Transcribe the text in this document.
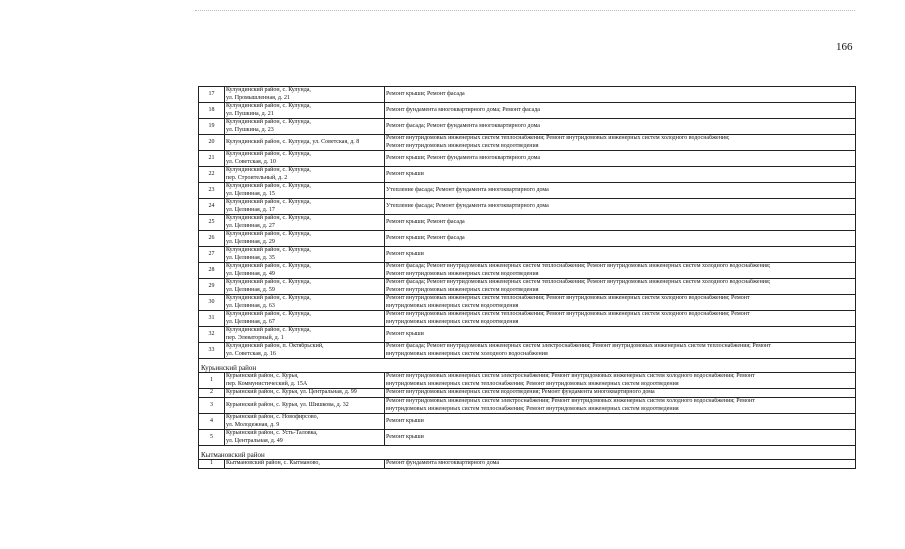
166
17	Кулундинский район, с. Кулунда,
ул. Промышленная, д. 21	Ремонт крыши; Ремонт фасада
18	Кулундинский район, с. Кулунда,
ул. Пушкина, д. 21	Ремонт фундамента многоквартирного дома; Ремонт фасада
19	Кулундинский район, с. Кулунда,
ул. Пушкина, д. 23	Ремонт фасада; Ремонт фундамента многоквартирного дома
20	Кулундинский район, с. Кулунда, ул. Советская, д. 8	Ремонт внутридомовых инженерных систем теплоснабжения; Ремонт внутридомовых инженерных систем холодного водоснабжения;
Ремонт внутридомовых инженерных систем водоотведения
21	Кулундинский район, с. Кулунда,
ул. Советская, д. 10	Ремонт крыши; Ремонт фундамента многоквартирного дома
22	Кулундинский район, с. Кулунда,
пер. Строительный, д. 2	Ремонт крыши
23	Кулундинский район, с. Кулунда,
ул. Целинная, д. 15	Утепление фасада; Ремонт фундамента многоквартирного дома
24	Кулундинский район, с. Кулунда,
ул. Целинная, д. 17	Утепление фасада; Ремонт фундамента многоквартирного дома
25	Кулундинский район, с. Кулунда,
ул. Целинная, д. 27	Ремонт крыши; Ремонт фасада
26	Кулундинский район, с. Кулунда,
ул. Целинная, д. 29	Ремонт крыши; Ремонт фасада
27	Кулундинский район, с. Кулунда,
ул. Целинная, д. 35	Ремонт крыши
28	Кулундинский район, с. Кулунда,
ул. Целинная, д. 49	Ремонт фасада; Ремонт внутридомовых инженерных систем теплоснабжения; Ремонт внутридомовых инженерных систем холодного водоснабжения;
Ремонт внутридомовых инженерных систем водоотведения
29	Кулундинский район, с. Кулунда,
ул. Целинная, д. 59	Ремонт фасада; Ремонт внутридомовых инженерных систем теплоснабжения; Ремонт внутридомовых инженерных систем холодного водоснабжения;
Ремонт внутридомовых инженерных систем водоотведения
30	Кулундинский район, с. Кулунда,
ул. Целинная, д. 63	Ремонт внутридомовых инженерных систем теплоснабжения; Ремонт внутридомовых инженерных систем холодного водоснабжения; Ремонт
внутридомовых инженерных систем водоотведения
31	Кулундинский район, с. Кулунда,
ул. Целинная, д. 67	Ремонт внутридомовых инженерных систем теплоснабжения; Ремонт внутридомовых инженерных систем холодного водоснабжения; Ремонт
внутридомовых инженерных систем водоотведения
32	Кулундинский район, с. Кулунда,
пер. Элеваторный, д. 1	Ремонт крыши
33	Кулундинский район, п. Октябрьский,
ул. Советская, д. 16	Ремонт фасада; Ремонт внутридомовых инженерных систем электроснабжения; Ремонт внутридомовых инженерных систем теплоснабжения; Ремонт
внутридомовых инженерных систем холодного водоснабжения
Курьинский район		
1	Курьинский район, с. Курья,
пер. Коммунистический, д. 15А	Ремонт внутридомовых инженерных систем электроснабжения; Ремонт внутридомовых инженерных систем холодного водоснабжения; Ремонт
внутридомовых инженерных систем теплоснабжения; Ремонт внутридомовых инженерных систем водоотведения
2	Курьинский район, с. Курья, ул. Центральная, д. 99	Ремонт внутридомовых инженерных систем водоотведения; Ремонт фундамента многоквартирного дома
3	Курьинский район, с. Курья, ул. Шишкова, д. 32	Ремонт внутридомовых инженерных систем электроснабжения; Ремонт внутридомовых инженерных систем холодного водоснабжения; Ремонт
внутридомовых инженерных систем теплоснабжения; Ремонт внутридомовых инженерных систем водоотведения
4	Курьинский район, с. Новофирсово,
ул. Молодежная, д. 9	Ремонт крыши
5	Курьинский район, с. Усть-Таловка,
ул. Центральная, д. 49	Ремонт крыши
Кытмановский район		
1	Кытмановский район, с. Кытманово,	Ремонт фундамента многоквартирного дома
